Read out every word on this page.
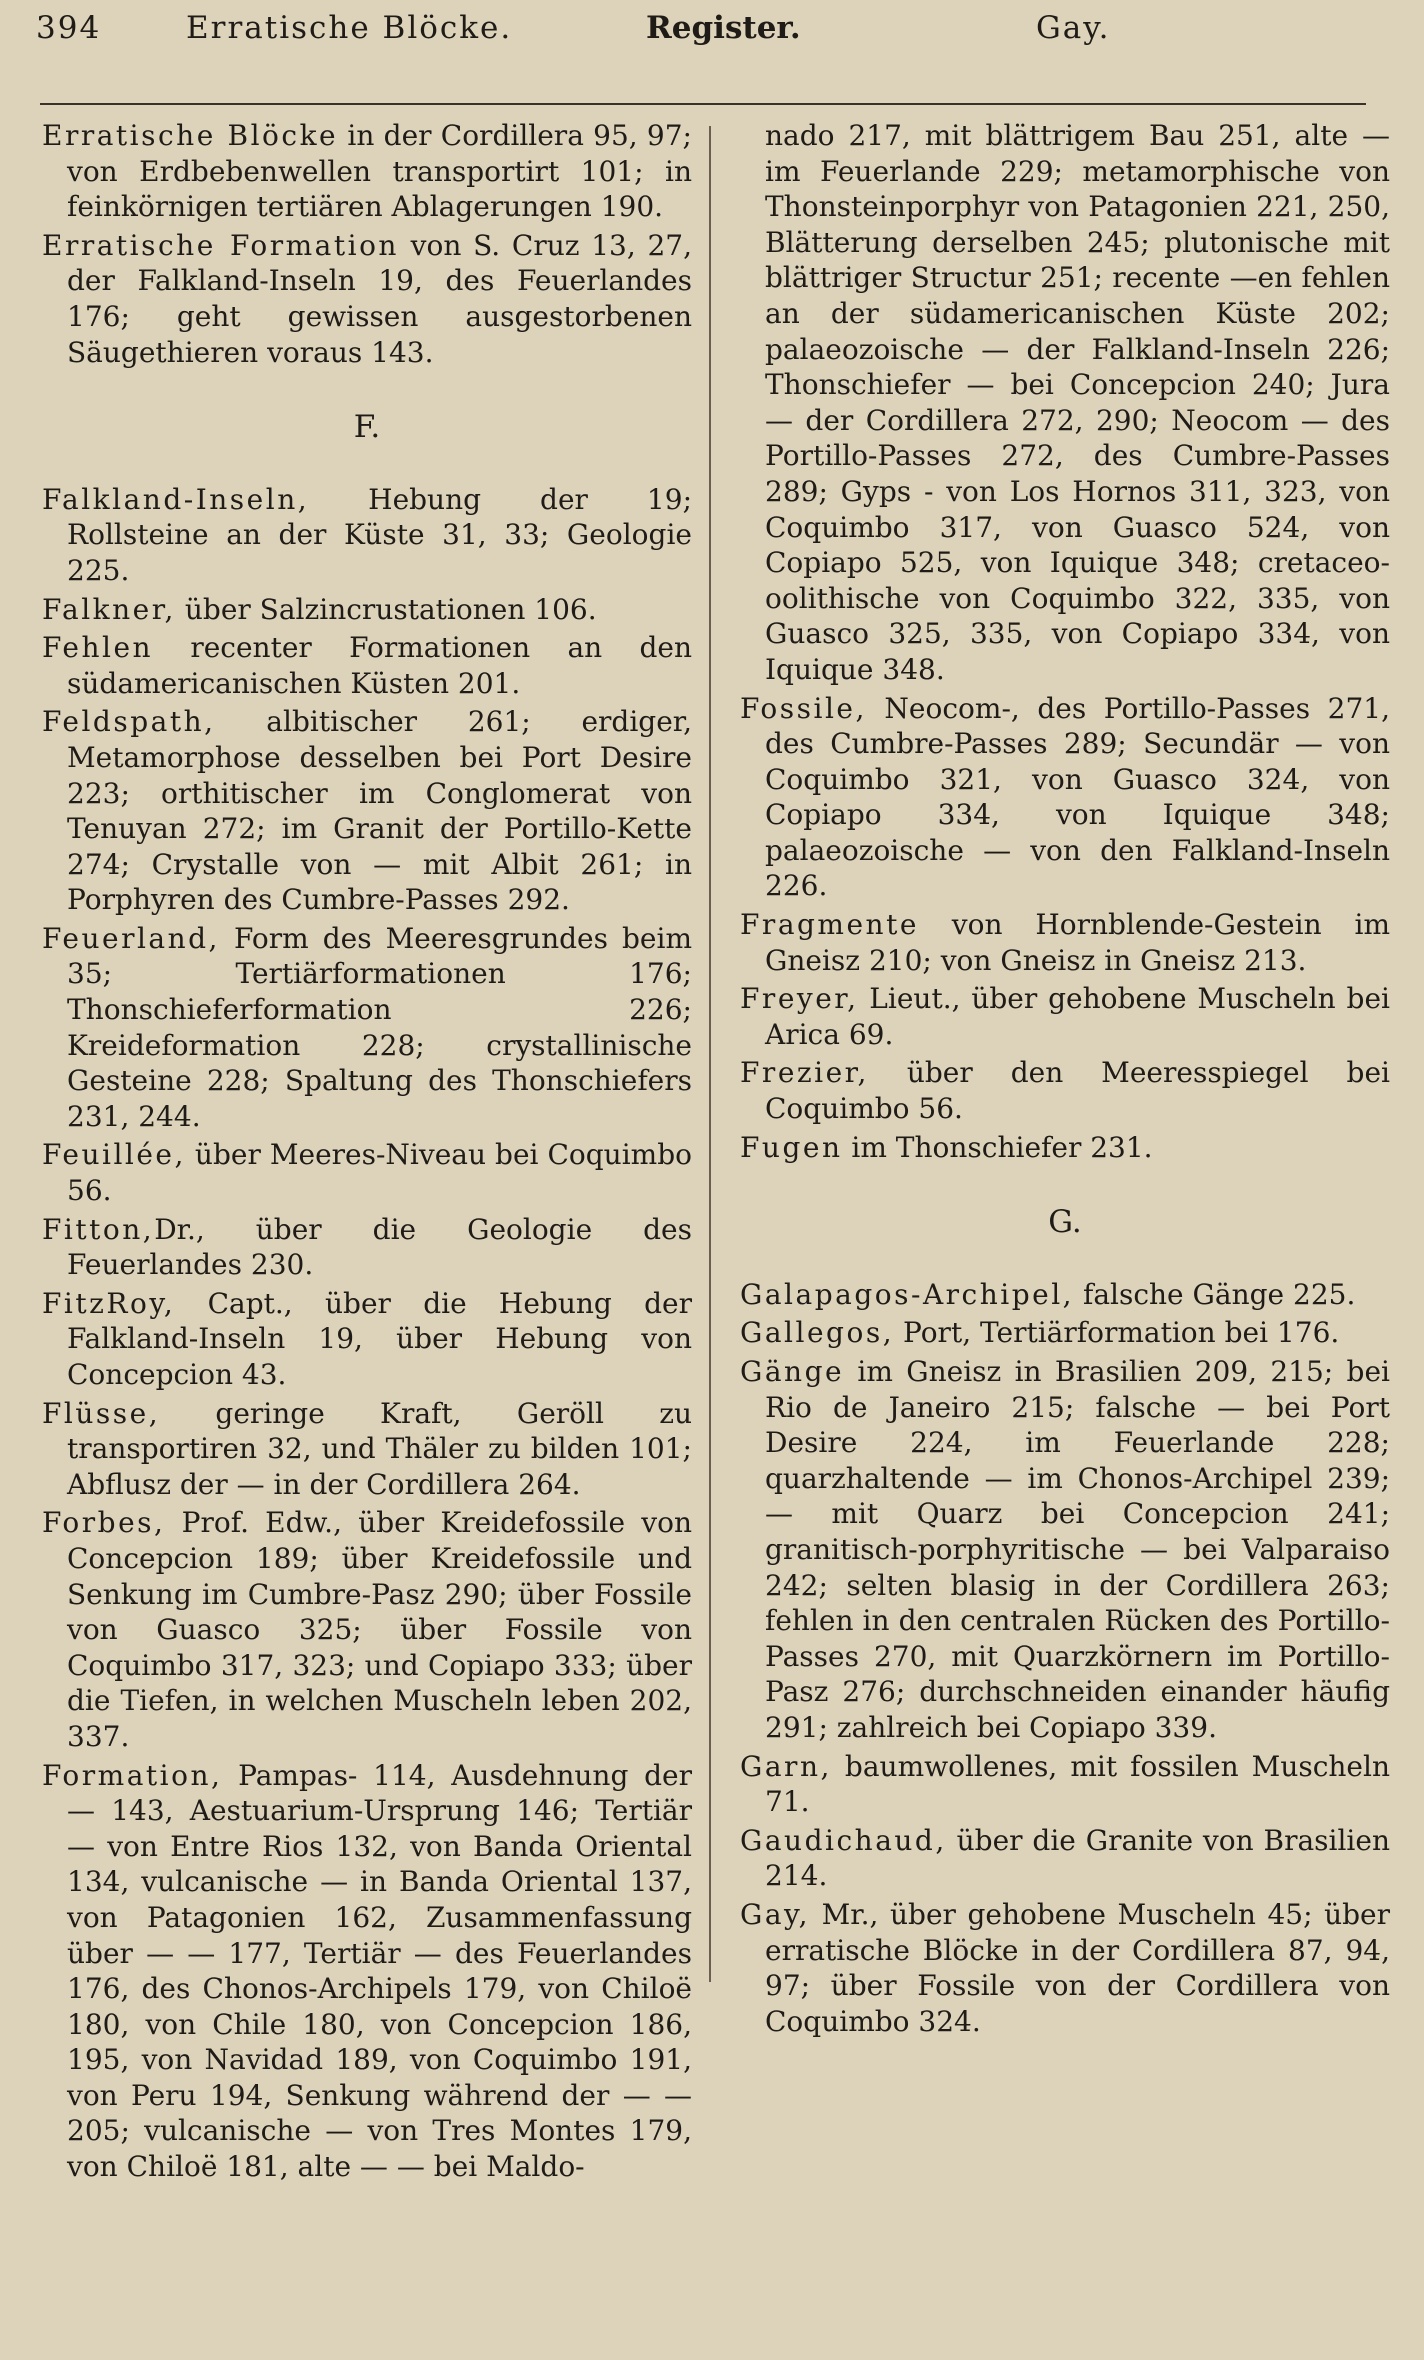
394	Erratische Blöcke.	Register.	Gay.

Erratische Blöcke in der Cordillera 95, 97; von Erdbebenwellen transportirt 101; in feinkörnigen tertiären Ablagerungen 190.

Erratische Formation von S. Cruz 13, 27, der Falkland-Inseln 19, des Feuerlandes 176; geht gewissen ausgestorbenen Säugethieren voraus 143.

F.

Falkland-Inseln, Hebung der 19; Rollsteine an der Küste 31, 33; Geologie 225.

Falkner, über Salzincrustationen 106.

Fehlen recenter Formationen an den südamericanischen Küsten 201.

Feldspath, albitischer 261; erdiger, Metamorphose desselben bei Port Desire 223; orthitischer im Conglomerat von Tenuyan 272; im Granit der Portillo-Kette 274; Crystalle von — mit Albit 261; in Porphyren des Cumbre-Passes 292.

Feuerland, Form des Meeresgrundes beim 35; Tertiärformationen 176; Thonschieferformation 226; Kreideformation 228; crystallinische Gesteine 228; Spaltung des Thonschiefers 231, 244.

Feuillée, über Meeres-Niveau bei Coquimbo 56.

Fitton,Dr., über die Geologie des Feuerlandes 230.

FitzRoy, Capt., über die Hebung der Falkland-Inseln 19, über Hebung von Concepcion 43.

Flüsse, geringe Kraft, Geröll zu transportiren 32, und Thäler zu bilden 101; Abflusz der — in der Cordillera 264.

Forbes, Prof. Edw., über Kreidefossile von Concepcion 189; über Kreidefossile und Senkung im Cumbre-Pasz 290; über Fossile von Guasco 325; über Fossile von Coquimbo 317, 323; und Copiapo 333; über die Tiefen, in welchen Muscheln leben 202, 337.

Formation, Pampas- 114, Ausdehnung der — 143, Aestuarium-Ursprung 146; Tertiär — von Entre Rios 132, von Banda Oriental 134, vulcanische — in Banda Oriental 137, von Patagonien 162, Zusammenfassung über — — 177, Tertiär — des Feuerlandes 176, des Chonos-Archipels 179, von Chiloë 180, von Chile 180, von Concepcion 186, 195, von Navidad 189, von Coquimbo 191, von Peru 194, Senkung während der — — 205; vulcanische — von Tres Montes 179, von Chiloë 181, alte — — bei Maldo-

nado 217, mit blättrigem Bau 251, alte — im Feuerlande 229; metamorphische von Thonsteinporphyr von Patagonien 221, 250, Blätterung derselben 245; plutonische mit blättriger Structur 251; recente —en fehlen an der südamericanischen Küste 202; palaeozoische — der Falkland-Inseln 226; Thonschiefer — bei Concepcion 240; Jura — der Cordillera 272, 290; Neocom — des Portillo-Passes 272, des Cumbre-Passes 289; Gyps - von Los Hornos 311, 323, von Coquimbo 317, von Guasco 524, von Copiapo 525, von Iquique 348; cretaceo-oolithische von Coquimbo 322, 335, von Guasco 325, 335, von Copiapo 334, von Iquique 348.

Fossile, Neocom-, des Portillo-Passes 271, des Cumbre-Passes 289; Secundär — von Coquimbo 321, von Guasco 324, von Copiapo 334, von Iquique 348; palaeozoische — von den Falkland-Inseln 226.

Fragmente von Hornblende-Gestein im Gneisz 210; von Gneisz in Gneisz 213.

Freyer, Lieut., über gehobene Muscheln bei Arica 69.

Frezier, über den Meeresspiegel bei Coquimbo 56.

Fugen im Thonschiefer 231.

G.

Galapagos-Archipel, falsche Gänge 225.

Gallegos, Port, Tertiärformation bei 176.

Gänge im Gneisz in Brasilien 209, 215; bei Rio de Janeiro 215; falsche — bei Port Desire 224, im Feuerlande 228; quarzhaltende — im Chonos-Archipel 239; — mit Quarz bei Concepcion 241; granitisch-porphyritische — bei Valparaiso 242; selten blasig in der Cordillera 263; fehlen in den centralen Rücken des Portillo-Passes 270, mit Quarzkörnern im Portillo-Pasz 276; durchschneiden einander häufig 291; zahlreich bei Copiapo 339.

Garn, baumwollenes, mit fossilen Muscheln 71.

Gaudichaud, über die Granite von Brasilien 214.

Gay, Mr., über gehobene Muscheln 45; über erratische Blöcke in der Cordillera 87, 94, 97; über Fossile von der Cordillera von Coquimbo 324.
